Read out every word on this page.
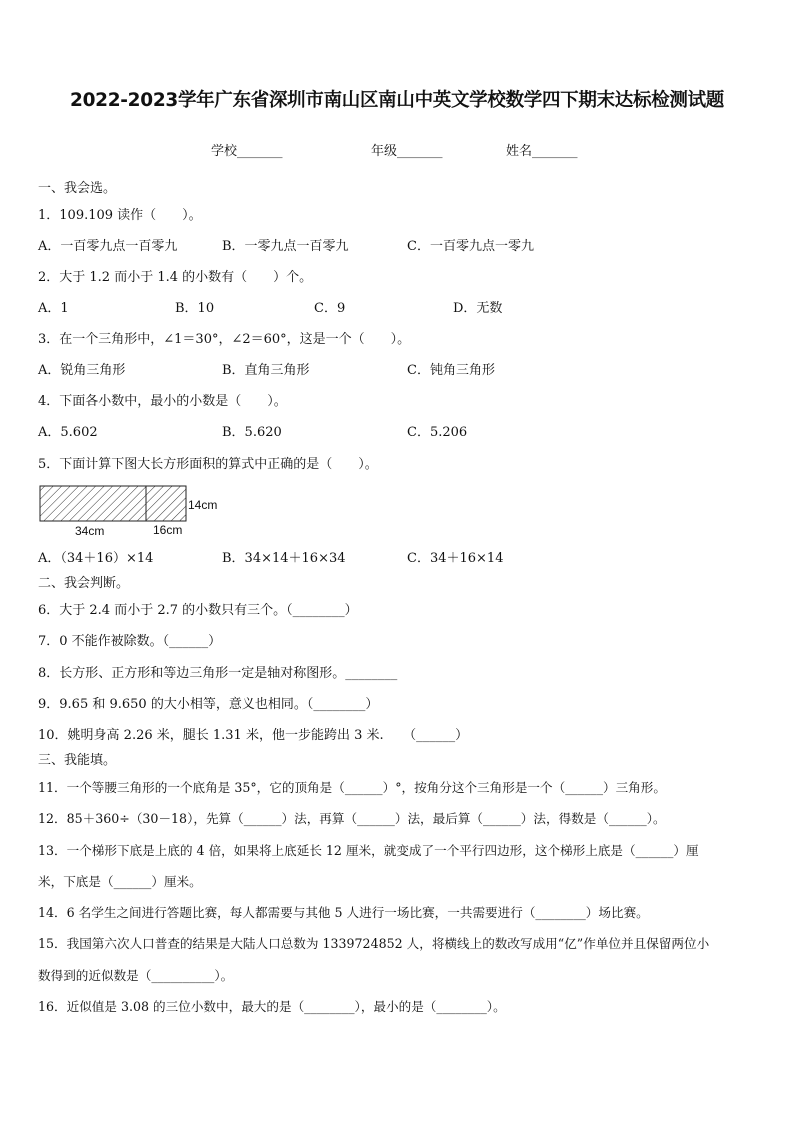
2022-2023学年广东省深圳市南山区南山中英文学校数学四下期末达标检测试题
学校_______	年级_______	姓名_______
一、我会选。
1．109.109 读作（　　）。
A．一百零九点一百零九	B．一零九点一百零九	C．一百零九点一零九
2．大于 1.2 而小于 1.4 的小数有（　　）个。
A．1	B．10	C．9	D．无数
3．在一个三角形中，∠1＝30°，∠2＝60°，这是一个（　　）。
A．锐角三角形	B．直角三角形	C．钝角三角形
4．下面各小数中，最小的小数是（　　）。
A．5.602	B．5.620	C．5.206
5．下面计算下图大长方形面积的算式中正确的是（　　）。
14cm
34cm	16cm
A．（34＋16）×14	B．34×14＋16×34	C．34＋16×14
二、我会判断。
6．大于 2.4 而小于 2.7 的小数只有三个。（________）
7．0 不能作被除数。（______）
8．长方形、正方形和等边三角形一定是轴对称图形。________
9．9.65 和 9.650 的大小相等，意义也相同。（________）
10．姚明身高 2.26 米，腿长 1.31 米，他一步能跨出 3 米.　　（______）
三、我能填。
11．一个等腰三角形的一个底角是 35°，它的顶角是（______）°，按角分这个三角形是一个（______）三角形。
12．85＋360÷（30－18），先算（______）法，再算（______）法，最后算（______）法，得数是（______）。
13．一个梯形下底是上底的 4 倍，如果将上底延长 12 厘米，就变成了一个平行四边形，这个梯形上底是（______）厘
米，下底是（______）厘米。
14．6 名学生之间进行答题比赛，每人都需要与其他 5 人进行一场比赛，一共需要进行（________）场比赛。
15．我国第六次人口普查的结果是大陆人口总数为 1339724852 人，将横线上的数改写成用“亿”作单位并且保留两位小
数得到的近似数是（__________）。
16．近似值是 3.08 的三位小数中，最大的是（________），最小的是（________）。
